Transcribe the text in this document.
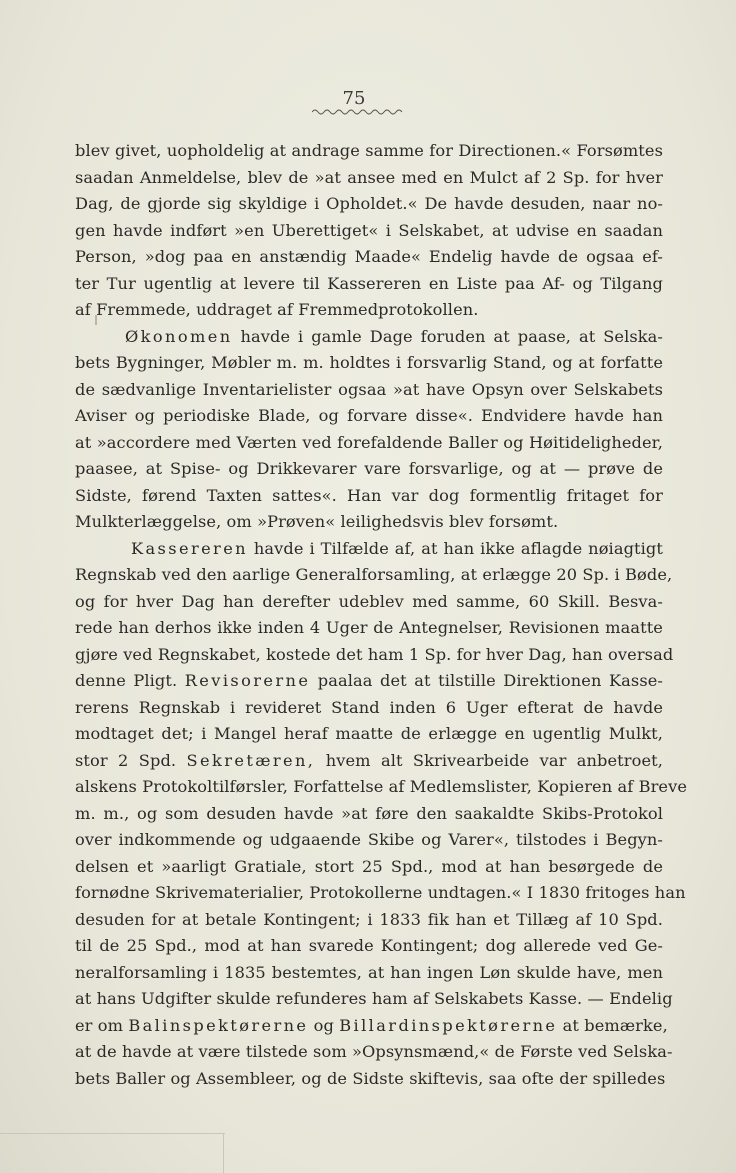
75
blev givet, uopholdelig at andrage samme for Directionen.« Forsømtes
saadan Anmeldelse, blev de »at ansee med en Mulct af 2 Sp. for hver
Dag, de gjorde sig skyldige i Opholdet.« De havde desuden, naar no-
gen havde indført »en Uberettiget« i Selskabet, at udvise en saadan
Person, »dog paa en anstændig Maade« Endelig havde de ogsaa ef-
ter Tur ugentlig at levere til Kassereren en Liste paa Af- og Tilgang
af Fremmede, uddraget af Fremmedprotokollen.
Økonomen havde i gamle Dage foruden at paase, at Selska-
bets Bygninger, Møbler m. m. holdtes i forsvarlig Stand, og at forfatte
de sædvanlige Inventarielister ogsaa »at have Opsyn over Selskabets
Aviser og periodiske Blade, og forvare disse«. Endvidere havde han
at »accordere med Værten ved forefaldende Baller og Høitideligheder,
paasee, at Spise- og Drikkevarer vare forsvarlige, og at — prøve de
Sidste, førend Taxten sattes«. Han var dog formentlig fritaget for
Mulkterlæggelse, om »Prøven« leilighedsvis blev forsømt.
Kassereren havde i Tilfælde af, at han ikke aflagde nøiagtigt
Regnskab ved den aarlige Generalforsamling, at erlægge 20 Sp. i Bøde,
og for hver Dag han derefter udeblev med samme, 60 Skill. Besva-
rede han derhos ikke inden 4 Uger de Antegnelser, Revisionen maatte
gjøre ved Regnskabet, kostede det ham 1 Sp. for hver Dag, han oversad
denne Pligt. Revisorerne paalaa det at tilstille Direktionen Kasse-
rerens Regnskab i revideret Stand inden 6 Uger efterat de havde
modtaget det; i Mangel heraf maatte de erlægge en ugentlig Mulkt,
stor 2 Spd. Sekretæren, hvem alt Skrivearbeide var anbetroet,
alskens Protokoltilførsler, Forfattelse af Medlemslister, Kopieren af Breve
m. m., og som desuden havde »at føre den saakaldte Skibs-Protokol
over indkommende og udgaaende Skibe og Varer«, tilstodes i Begyn-
delsen et »aarligt Gratiale, stort 25 Spd., mod at han besørgede de
fornødne Skrivematerialier, Protokollerne undtagen.« I 1830 fritoges han
desuden for at betale Kontingent; i 1833 fik han et Tillæg af 10 Spd.
til de 25 Spd., mod at han svarede Kontingent; dog allerede ved Ge-
neralforsamling i 1835 bestemtes, at han ingen Løn skulde have, men
at hans Udgifter skulde refunderes ham af Selskabets Kasse. — Endelig
er om Balinspektørerne og Billardinspektørerne at bemærke,
at de havde at være tilstede som »Opsynsmænd,« de Første ved Selska-
bets Baller og Assembleer, og de Sidste skiftevis, saa ofte der spilledes
